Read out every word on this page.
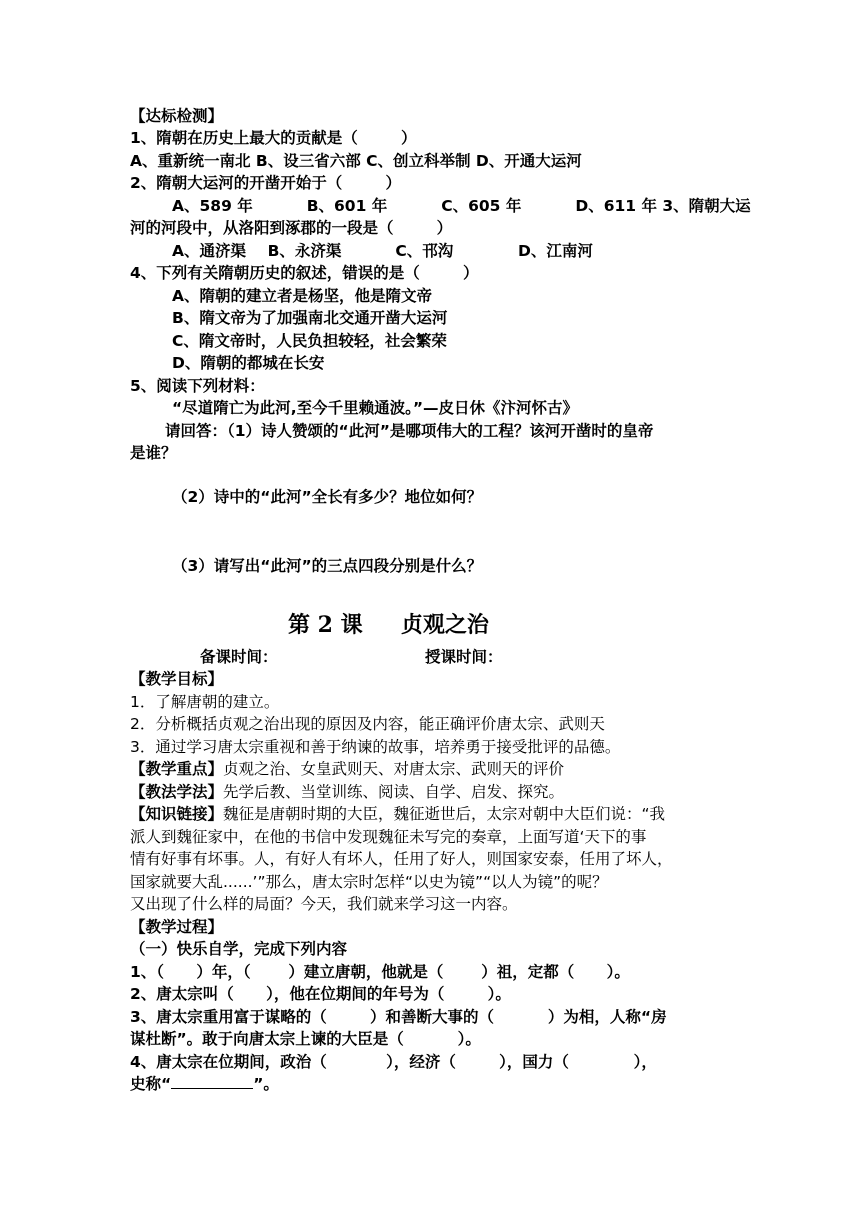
【达标检测】
1、隋朝在历史上最大的贡献是（        ）
A、重新统一南北 B、设三省六部 C、创立科举制 D、开通大运河
2、隋朝大运河的开凿开始于（        ）
A、589 年          B、601 年          C、605 年          D、611 年 3、隋朝大运
河的河段中，从洛阳到涿郡的一段是（        ）
A、通济渠    B、永济渠          C、邗沟            D、江南河
4、下列有关隋朝历史的叙述，错误的是（        ）
A、隋朝的建立者是杨坚，他是隋文帝
B、隋文帝为了加强南北交通开凿大运河
C、隋文帝时，人民负担较轻，社会繁荣
D、隋朝的都城在长安
5、阅读下列材料：
“尽道隋亡为此河,至今千里赖通波。”—皮日休《汴河怀古》
请回答：（1）诗人赞颂的“此河”是哪项伟大的工程？该河开凿时的皇帝
是谁？
（2）诗中的“此河”全长有多少？地位如何？
（3）请写出“此河”的三点四段分别是什么？
第 2 课     贞观之治
备课时间：	授课时间：
【教学目标】
1．了解唐朝的建立。
2．分析概括贞观之治出现的原因及内容，能正确评价唐太宗、武则天
3．通过学习唐太宗重视和善于纳谏的故事，培养勇于接受批评的品德。
【教学重点】贞观之治、女皇武则天、对唐太宗、武则天的评价
【教法学法】先学后教、当堂训练、阅读、自学、启发、探究。
【知识链接】魏征是唐朝时期的大臣，魏征逝世后，太宗对朝中大臣们说：“我
派人到魏征家中，在他的书信中发现魏征未写完的奏章，上面写道‘天下的事
情有好事有坏事。人，有好人有坏人，任用了好人，则国家安泰，任用了坏人，
国家就要大乱......’”那么，唐太宗时怎样“以史为镜”“以人为镜”的呢？
又出现了什么样的局面？今天，我们就来学习这一内容。
【教学过程】
（一）快乐自学，完成下列内容
1、（      ）年，（       ）建立唐朝，他就是（       ）祖，定都（      ）。
2、唐太宗叫（      ），他在位期间的年号为（        ）。
3、唐太宗重用富于谋略的（        ）和善断大事的（          ）为相，人称“房
谋杜断”。敢于向唐太宗上谏的大臣是（          ）。
4、唐太宗在位期间，政治（           ），经济（        ），国力（            ），
史称“	”。
